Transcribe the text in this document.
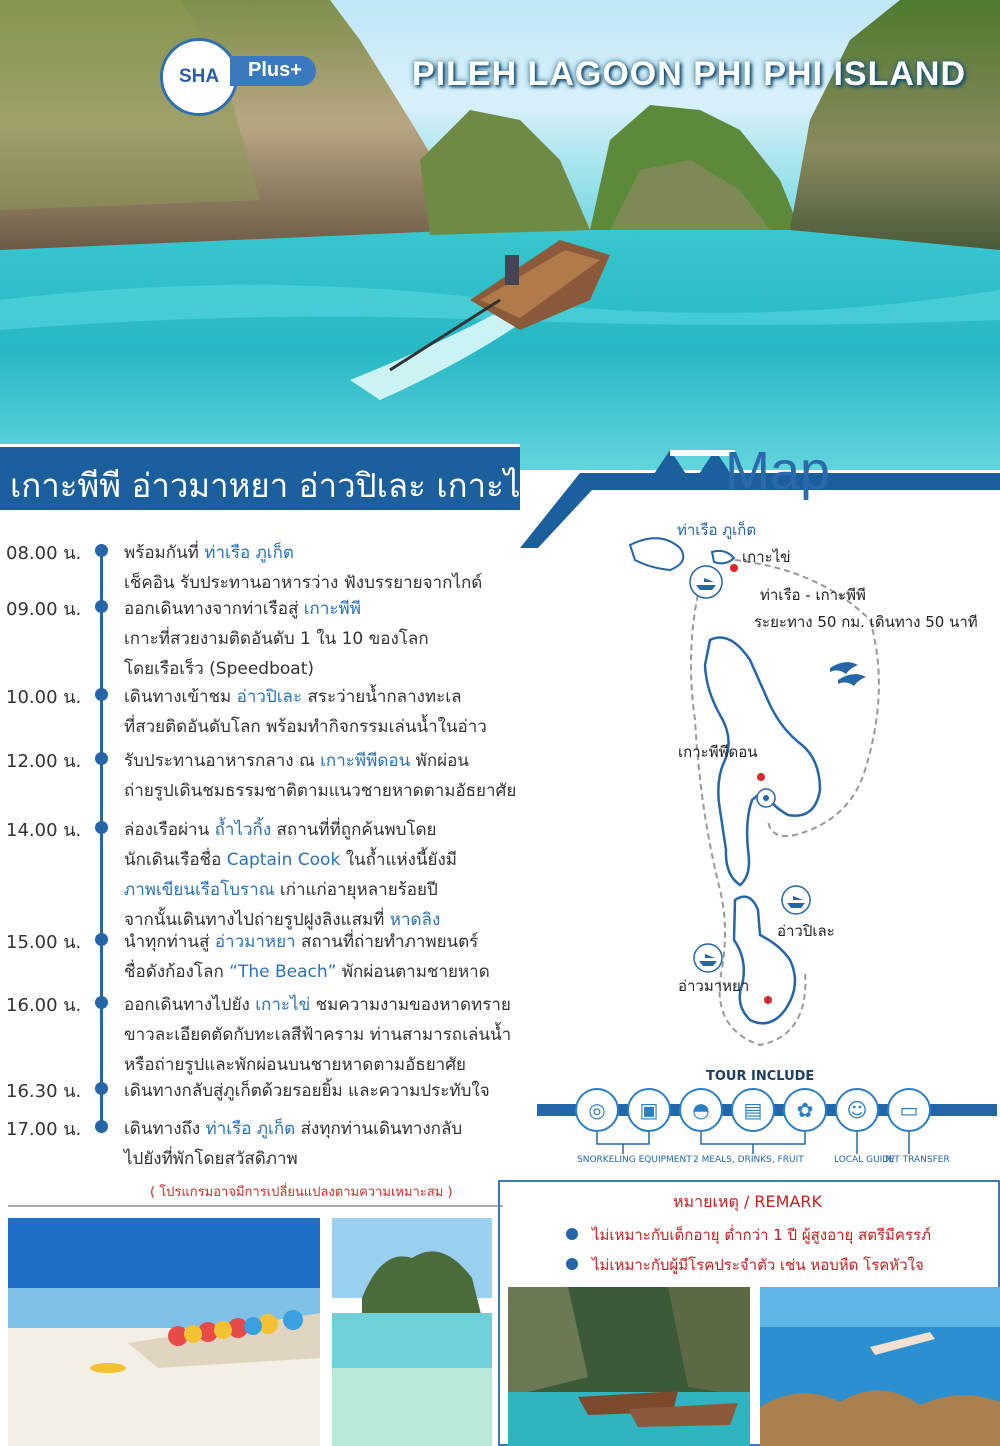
SHA	Plus+	PILEH LAGOON PHI PHI ISLAND
เกาะพีพี อ่าวมาหยา อ่าวปิเละ เกาะไข่	Map
08.00 น.	พร้อมกันที่ ท่าเรือ ภูเก็ต

เช็คอิน รับประทานอาหารว่าง ฟังบรรยายจากไกด์

09.00 น.	ออกเดินทางจากท่าเรือสู่ เกาะพีพี

เกาะที่สวยงามติดอันดับ 1 ใน 10 ของโลก

โดยเรือเร็ว (Speedboat)

10.00 น.	เดินทางเข้าชม อ่าวปิเละ สระว่ายน้ำกลางทะเล

ที่สวยติดอันดับโลก พร้อมทำกิจกรรมเล่นน้ำในอ่าว

12.00 น.	รับประทานอาหารกลาง ณ เกาะพีพีดอน พักผ่อน

ถ่ายรูปเดินชมธรรมชาติตามแนวชายหาดตามอัธยาศัย

14.00 น.	ล่องเรือผ่าน ถ้ำไวกิ้ง สถานที่ที่ถูกค้นพบโดย

นักเดินเรือชื่อ Captain Cook ในถ้ำแห่งนี้ยังมี

ภาพเขียนเรือโบราณ เก่าแก่อายุหลายร้อยปี

จากนั้นเดินทางไปถ่ายรูปฝูงลิงแสมที่ หาดลิง

15.00 น.	นำทุกท่านสู่ อ่าวมาหยา สถานที่ถ่ายทำภาพยนตร์

ชื่อดังก้องโลก “The Beach” พักผ่อนตามชายหาด

16.00 น.	ออกเดินทางไปยัง เกาะไข่ ชมความงามของหาดทราย

ขาวละเอียดตัดกับทะเลสีฟ้าคราม ท่านสามารถเล่นน้ำ

หรือถ่ายรูปและพักผ่อนบนชายหาดตามอัธยาศัย

16.30 น.	เดินทางกลับสู่ภูเก็ตด้วยรอยยิ้ม และความประทับใจ

17.00 น.	เดินทางถึง ท่าเรือ ภูเก็ต ส่งทุกท่านเดินทางกลับ

ไปยังที่พักโดยสวัสดิภาพ

( โปรแกรมอาจมีการเปลี่ยนแปลงตามความเหมาะสม )
ท่าเรือ ภูเก็ต
เกาะไข่
ท่าเรือ - เกาะพีพี
ระยะทาง 50 กม. เดินทาง 50 นาที
เกาะพีพีดอน
อ่าวปิเละ
อ่าวมาหยา
TOUR INCLUDE
◎	▣	◓	▤	✿	☺	▭
SNORKELING EQUIPMENT 2 MEALS, DRINKS, FRUIT	LOCAL GUIDE
R/T TRANSFER
หมายเหตุ / REMARK
ไม่เหมาะกับเด็กอายุ ต่ำกว่า 1 ปี ผู้สูงอายุ สตรีมีครรภ์
ไม่เหมาะกับผู้มีโรคประจำตัว เช่น หอบหืด โรคหัวใจ
